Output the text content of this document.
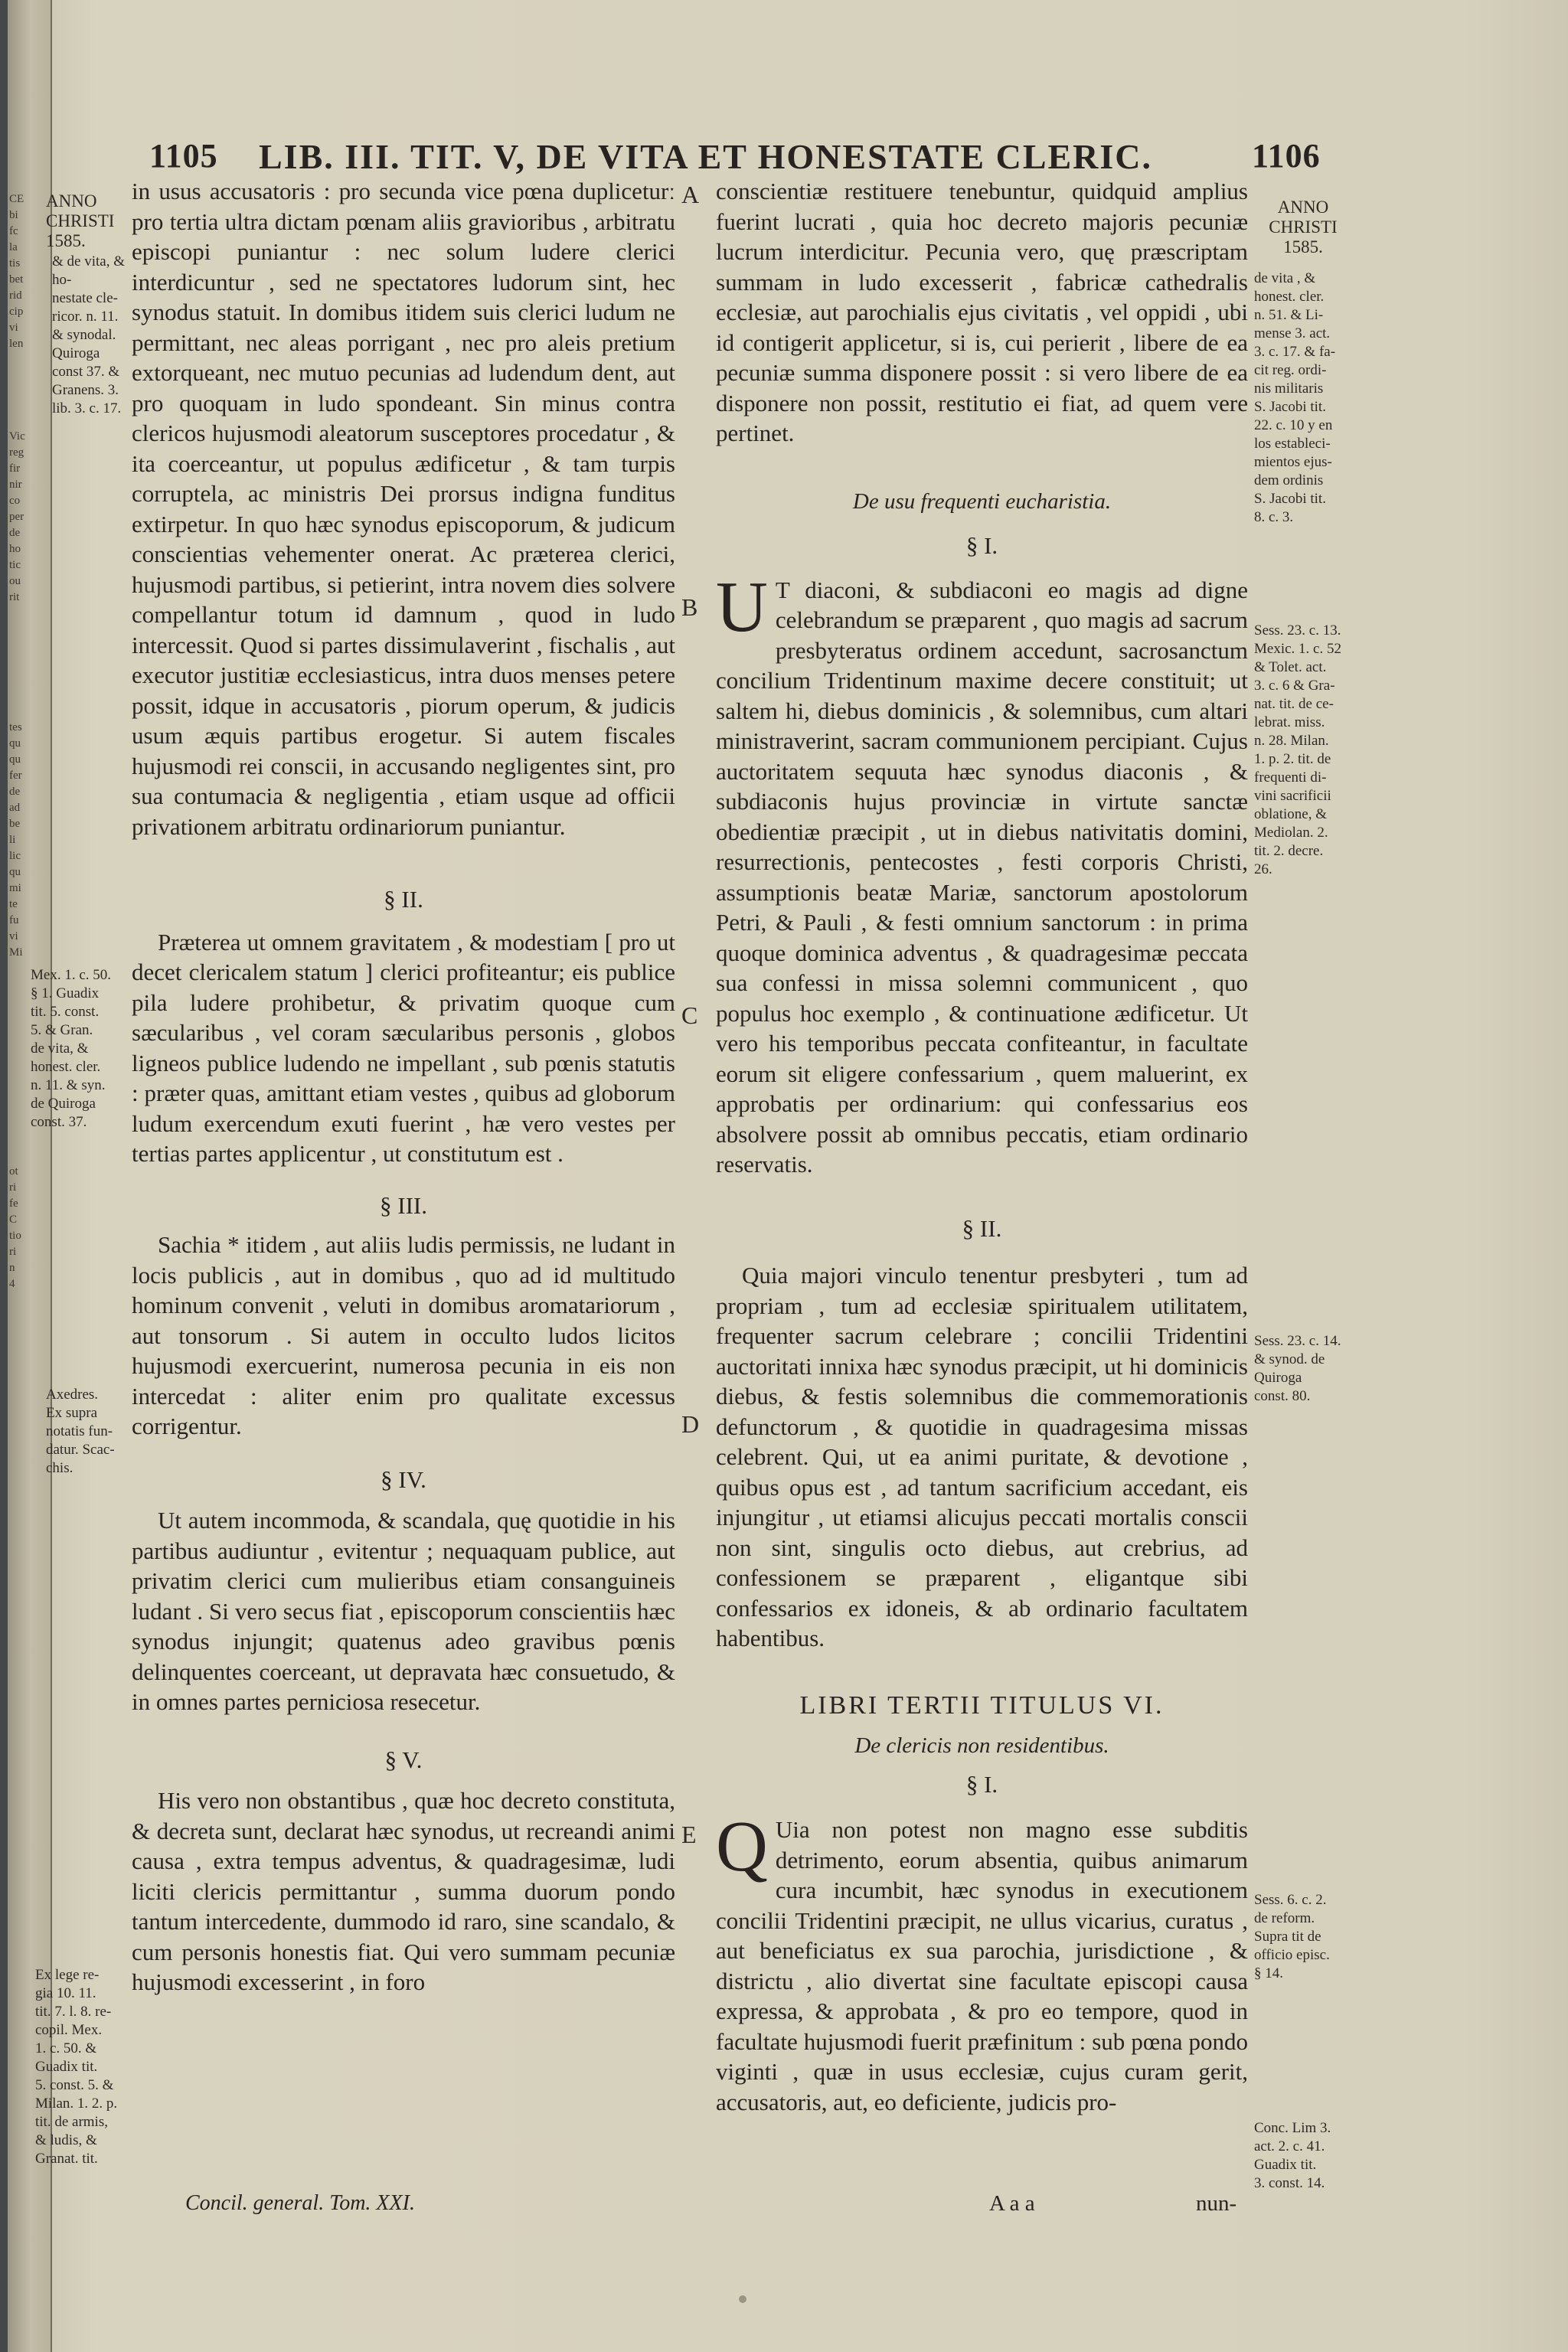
CE
bi
fc
la
tis
bet
rid
cip
vi
len
Vic
reg
fir
nir
co
per
de
ho
tic
ou
rit
tes
qu
qu
fer
de
ad
be
li
lic
qu
mi
te
fu
vi
Mi
ot
ri
fe
C
tio
ri
n
4
1105 LIB. III. TIT. V, DE VITA ET HONESTATE CLERIC.	1106
ANNO
CHRISTI
1585.
& de vita, & ho-
nestate cle-
ricor. n. 11.
& synodal.
Quiroga
const 37. &
Granens. 3.
lib. 3. c. 17.
Mex. 1. c. 50.
§ 1. Guadix
tit. 5. const.
5. & Gran.
de vita, &
honest. cler.
n. 11. & syn.
de Quiroga
const. 37.
Axedres.
Ex supra
notatis fun-
datur. Scac-
chis.
Ex lege re-
gia 10. 11.
tit. 7. l. 8. re-
copil. Mex.
1. c. 50. &
Guadix tit.
5. const. 5. &
Milan. 1. 2. p.
tit. de armis,
& ludis, &
Granat. tit.

in usus accusatoris : pro secunda vice pœna dupliceturː pro tertia ultra dictam pœnam aliis gravioribus , arbitratu episcopi puniantur : nec solum ludere clerici interdicuntur , sed ne spectatores ludorum sint, hec synodus statuit. In domibus itidem suis clerici ludum ne permittant, nec aleas porrigant , nec pro aleis pretium extorqueant, nec mutuo pecunias ad ludendum dent, aut pro quoquam in ludo spondeant. Sin minus contra clericos hujusmodi aleatorum susceptores procedatur , & ita coerceantur, ut populus ædificetur , & tam turpis corruptela, ac ministris Dei prorsus indigna funditus extirpetur. In quo hæc synodus episcoporum, & judicum conscientias vehementer onerat. Ac præterea clerici, hujusmodi partibus, si petierint, intra novem dies solvere compellantur totum id damnum , quod in ludo intercessit. Quod si partes dissimulaverint , fischalis , aut executor justitiæ ecclesiasticus, intra duos menses petere possit, idque in accusatoris , piorum operum, & judicis usum æquis partibus erogetur. Si autem fiscales hujusmodi rei conscii, in accusando negligentes sint, pro sua contumacia & negligentia , etiam usque ad officii privationem arbitratu ordinariorum puniantur.

§ II.

Præterea ut omnem gravitatem , & modestiam [ pro ut decet clericalem statum ] clerici profiteantur; eis publice pila ludere prohibetur, & privatim quoque cum sæcularibus , vel coram sæcularibus personis , globos ligneos publice ludendo ne impellant , sub pœnis statutis : præter quas, amittant etiam vestes , quibus ad globorum ludum exercendum exuti fuerint , hæ vero vestes per tertias partes applicentur , ut constitutum est .

§ III.

Sachia * itidem , aut aliis ludis permissis, ne ludant in locis publicis , aut in domibus , quo ad id multitudo hominum convenit , veluti in domibus aromatariorum , aut tonsorum . Si autem in occulto ludos licitos hujusmodi exercuerint, numerosa pecunia in eis non intercedat : aliter enim pro qualitate excessus corrigentur.

§ IV.

Ut autem incommoda, & scandala, quę quotidie in his partibus audiuntur , evitentur ; nequaquam publice, aut privatim clerici cum mulieribus etiam consanguineis ludant . Si vero secus fiat , episcoporum conscientiis hæc synodus injungit; quatenus adeo gravibus pœnis delinquentes coerceant, ut depravata hæc consuetudo, & in omnes partes perniciosa resecetur.

§ V.

His vero non obstantibus , quæ hoc decreto constituta, & decreta sunt, declarat hæc synodus, ut recreandi animi causa , extra tempus adventus, & quadragesimæ, ludi liciti clericis permittantur , summa duorum pondo tantum intercedente, dummodo id raro, sine scandalo, & cum personis honestis fiat. Qui vero summam pecuniæ hujusmodi excesserint , in foro

Concil. general. Tom. XXI.
A
B
C
D
E

conscientiæ restituere tenebuntur, quidquid amplius fuerint lucrati , quia hoc decreto majoris pecuniæ lucrum interdicitur. Pecunia vero, quę præscriptam summam in ludo excesserit , fabricæ cathedralis ecclesiæ, aut parochialis ejus civitatis , vel oppidi , ubi id contigerit applicetur, si is, cui perierit , libere de ea pecuniæ summa disponere possit : si vero libere de ea disponere non possit, restitutio ei fiat, ad quem vere pertinet.

De usu frequenti eucharistia.

§ I.

U T diaconi, & subdiaconi eo magis ad digne celebrandum se præparent , quo magis ad sacrum presbyteratus ordinem accedunt, sacrosanctum concilium Tridentinum maxime decere constituit; ut saltem hi, diebus dominicis , & solemnibus, cum altari ministraverint, sacram communionem percipiant. Cujus auctoritatem sequuta hæc synodus diaconis , & subdiaconis hujus provinciæ in virtute sanctæ obedientiæ præcipit , ut in diebus nativitatis domini, resurrectionis, pentecostes , festi corporis Christi, assumptionis beatæ Mariæ, sanctorum apostolorum Petri, & Pauli , & festi omnium sanctorum : in prima quoque dominica adventus , & quadragesimæ peccata sua confessi in missa solemni communicent , quo populus hoc exemplo , & continuatione ædificetur. Ut vero his temporibus peccata confiteantur, in facultate eorum sit eligere confessarium , quem maluerint, ex approbatis per ordinarium: qui confessarius eos absolvere possit ab omnibus peccatis, etiam ordinario reservatis.

§ II.

Quia majori vinculo tenentur presbyteri , tum ad propriam , tum ad ecclesiæ spiritualem utilitatem, frequenter sacrum celebrare ; concilii Tridentini auctoritati innixa hæc synodus præcipit, ut hi dominicis diebus, & festis solemnibus die commemorationis defunctorum , & quotidie in quadragesima missas celebrent. Qui, ut ea animi puritate, & devotione , quibus opus est , ad tantum sacrificium accedant, eis injungitur , ut etiamsi alicujus peccati mortalis conscii non sint, singulis octo diebus, aut crebrius, ad confessionem se præparent , eligantque sibi confessarios ex idoneis, & ab ordinario facultatem habentibus.

LIBRI TERTII TITULUS VI.

De clericis non residentibus.

§ I.

Q Uia non potest non magno esse subditis detrimento, eorum absentia, quibus animarum cura incumbit, hæc synodus in executionem concilii Tridentini præcipit, ne ullus vicarius, curatus , aut beneficiatus ex sua parochia, jurisdictione , & districtu , alio divertat sine facultate episcopi causa expressa, & approbata , & pro eo tempore, quod in facultate hujusmodi fuerit præfinitum : sub pœna pondo viginti , quæ in usus ecclesiæ, cujus curam gerit, accusatoris, aut, eo deficiente, judicis pro-

A a a	nun-
ANNO
CHRISTI
1585.
de vita , &
honest. cler.
n. 51. & Li-
mense 3. act.
3. c. 17. & fa-
cit reg. ordi-
nis militaris
S. Jacobi tit.
22. c. 10 y en
los estableci-
mientos ejus-
dem ordinis
S. Jacobi tit.
8. c. 3.
Sess. 23. c. 13.
Mexic. 1. c. 52
& Tolet. act.
3. c. 6 & Gra-
nat. tit. de ce-
lebrat. miss.
n. 28. Milan.
1. p. 2. tit. de
frequenti di-
vini sacrificii
oblatione, &
Mediolan. 2.
tit. 2. decre.
26.
Sess. 23. c. 14.
& synod. de
Quiroga
const. 80.
Sess. 6. c. 2.
de reform.
Supra tit de
officio episc.
§ 14.
Conc. Lim 3.
act. 2. c. 41.
Guadix tit.
3. const. 14.
